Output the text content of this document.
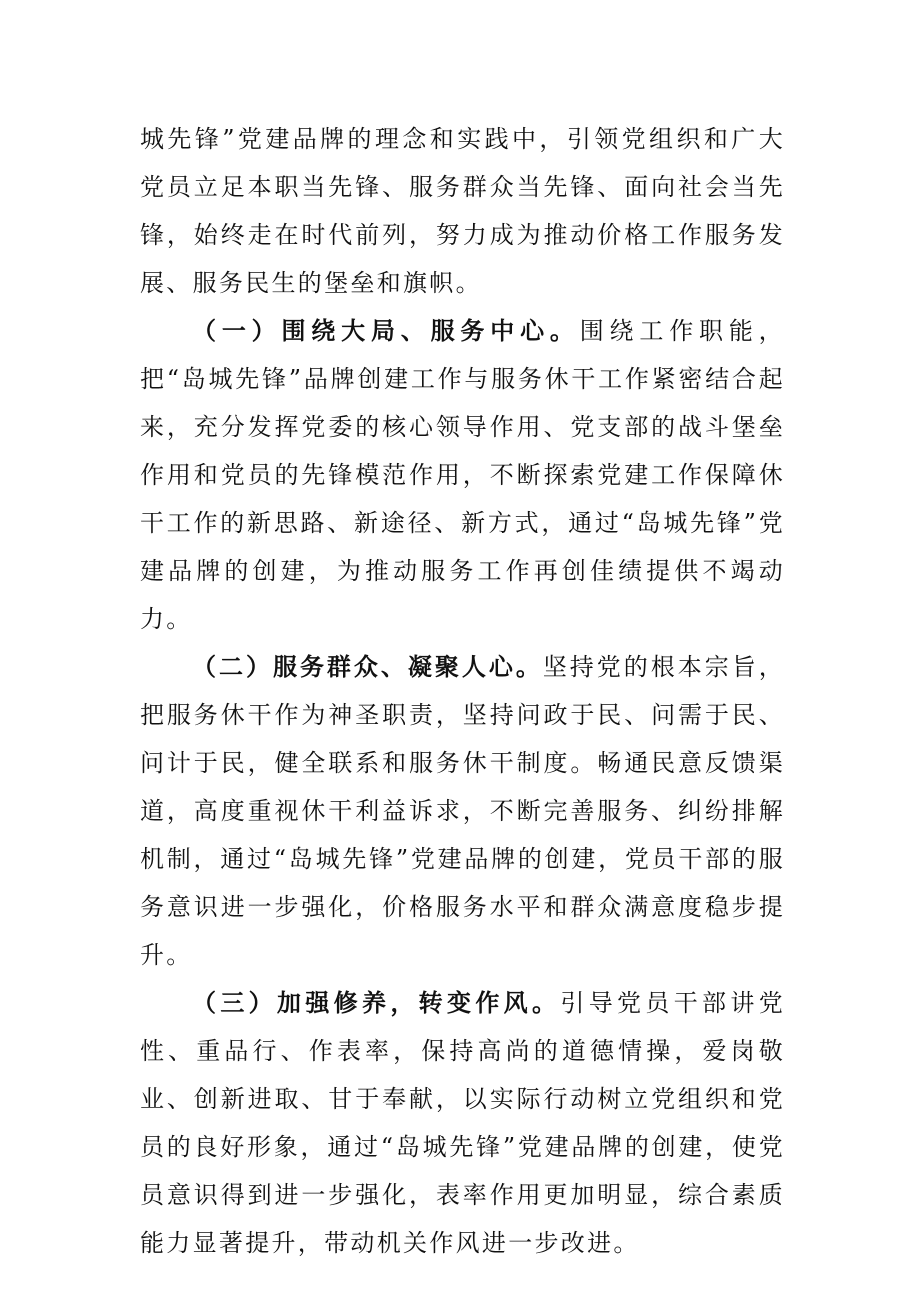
城先锋”党建品牌的理念和实践中，引领党组织和广大党员立足本职当先锋、服务群众当先锋、面向社会当先锋，始终走在时代前列，努力成为推动价格工作服务发展、服务民生的堡垒和旗帜。

（一）围绕大局、服务中心。围绕工作职能，把“岛城先锋”品牌创建工作与服务休干工作紧密结合起来，充分发挥党委的核心领导作用、党支部的战斗堡垒作用和党员的先锋模范作用，不断探索党建工作保障休干工作的新思路、新途径、新方式，通过“岛城先锋”党建品牌的创建，为推动服务工作再创佳绩提供不竭动力。

（二）服务群众、凝聚人心。坚持党的根本宗旨，把服务休干作为神圣职责，坚持问政于民、问需于民、问计于民，健全联系和服务休干制度。畅通民意反馈渠道，高度重视休干利益诉求，不断完善服务、纠纷排解机制，通过“岛城先锋”党建品牌的创建，党员干部的服务意识进一步强化，价格服务水平和群众满意度稳步提升。

（三）加强修养，转变作风。引导党员干部讲党性、重品行、作表率，保持高尚的道德情操，爱岗敬业、创新进取、甘于奉献，以实际行动树立党组织和党员的良好形象，通过“岛城先锋”党建品牌的创建，使党员意识得到进一步强化，表率作用更加明显，综合素质能力显著提升，带动机关作风进一步改进。
